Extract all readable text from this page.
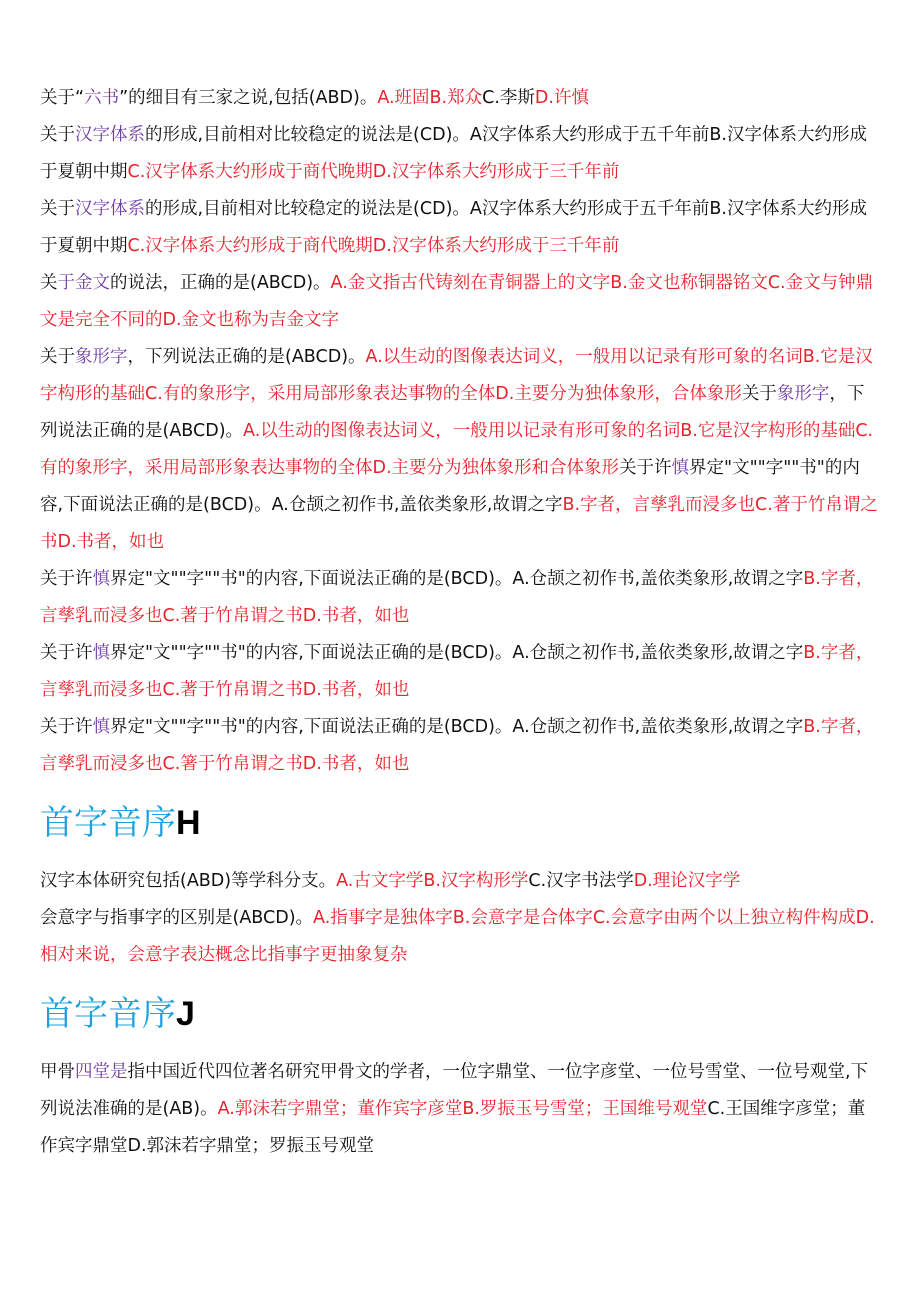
关于“六书”的细目有三家之说,包括(ABD)。A.班固B.郑众C.李斯D.许慎

关于汉字体系的形成,目前相对比较稳定的说法是(CD)。A汉字体系大约形成于五千年前B.汉字体系大约形成于夏朝中期C.汉字体系大约形成于商代晚期D.汉字体系大约形成于三千年前

关于汉字体系的形成,目前相对比较稳定的说法是(CD)。A汉字体系大约形成于五千年前B.汉字体系大约形成于夏朝中期C.汉字体系大约形成于商代晚期D.汉字体系大约形成于三千年前

关于金文的说法，正确的是(ABCD)。A.金文指古代铸刻在青铜器上的文字B.金文也称铜器铭文C.金文与钟鼎文是完全不同的D.金文也称为吉金文字

关于象形字，下列说法正确的是(ABCD)。A.以生动的图像表达词义，一般用以记录有形可象的名词B.它是汉字构形的基础C.有的象形字，采用局部形象表达事物的全体D.主要分为独体象形，合体象形关于象形字，下列说法正确的是(ABCD)。A.以生动的图像表达词义，一般用以记录有形可象的名词B.它是汉字构形的基础C.有的象形字，采用局部形象表达事物的全体D.主要分为独体象形和合体象形关于许慎界定"文""字""书"的内容,下面说法正确的是(BCD)。A.仓颉之初作书,盖依类象形,故谓之字B.字者，言孳乳而浸多也C.著于竹帛谓之书D.书者，如也

关于许慎界定"文""字""书"的内容,下面说法正确的是(BCD)。A.仓颉之初作书,盖依类象形,故谓之字B.字者，言孳乳而浸多也C.著于竹帛谓之书D.书者，如也

关于许慎界定"文""字""书"的内容,下面说法正确的是(BCD)。A.仓颉之初作书,盖依类象形,故谓之字B.字者，言孳乳而浸多也C.著于竹帛谓之书D.书者，如也

关于许慎界定"文""字""书"的内容,下面说法正确的是(BCD)。A.仓颉之初作书,盖依类象形,故谓之字B.字者，言孳乳而浸多也C.箸于竹帛谓之书D.书者，如也

首字音序H

汉字本体研究包括(ABD)等学科分支。A.古文字学B.汉字构形学C.汉字书法学D.理论汉字学

会意字与指事字的区别是(ABCD)。A.指事字是独体字B.会意字是合体字C.会意字由两个以上独立构件构成D.相对来说，会意字表达概念比指事字更抽象复杂

首字音序J

甲骨四堂是指中国近代四位著名研究甲骨文的学者，一位字鼎堂、一位字彦堂、一位号雪堂、一位号观堂,下列说法准确的是(AB)。A.郭沫若字鼎堂；董作宾字彦堂B.罗振玉号雪堂；王国维号观堂C.王国维字彦堂；董作宾字鼎堂D.郭沫若字鼎堂；罗振玉号观堂
